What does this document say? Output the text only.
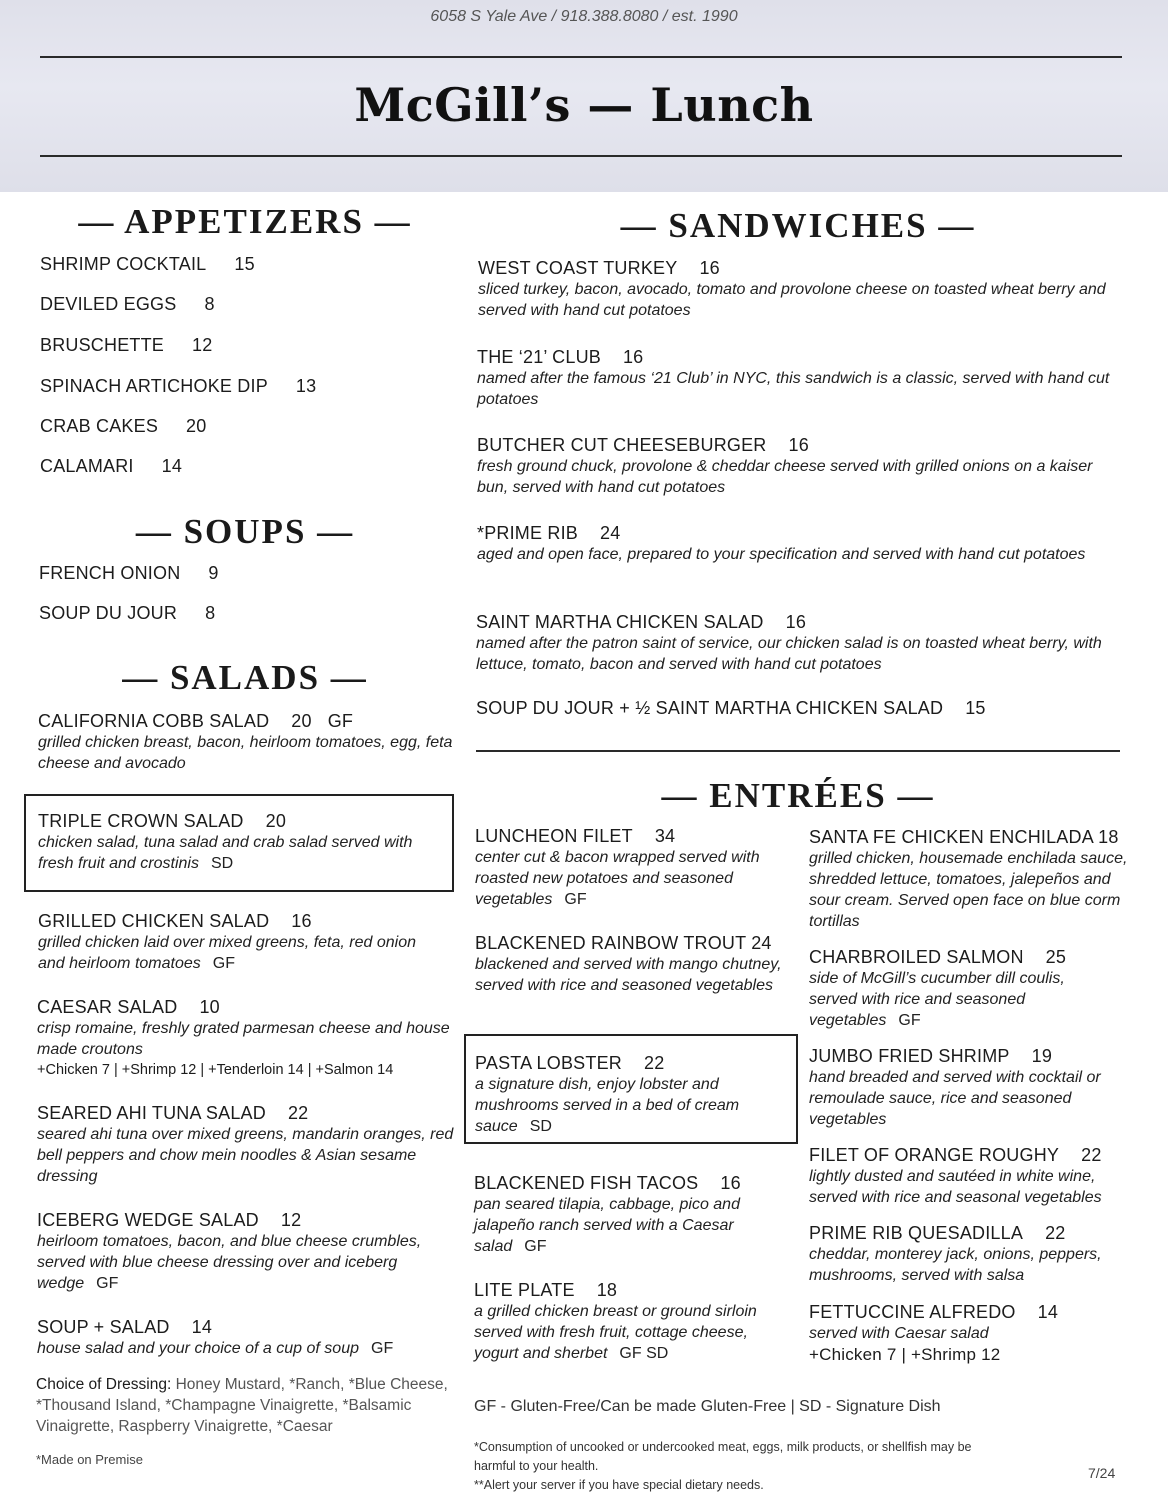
6058 S Yale Ave / 918.388.8080 / est. 1990
McGill’s — Lunch
— APPETIZERS —
SHRIMP COCKTAIL 15
DEVILED EGGS 8
BRUSCHETTE 12
SPINACH ARTICHOKE DIP 13
CRAB CAKES 20
CALAMARI 14
— SOUPS —
FRENCH ONION 9
SOUP DU JOUR 8
— SALADS —
CALIFORNIA COBB SALAD 20 GF
grilled chicken breast, bacon, heirloom tomatoes, egg, feta cheese and avocado
TRIPLE CROWN SALAD 20
chicken salad, tuna salad and crab salad served with fresh fruit and crostinis SD
GRILLED CHICKEN SALAD 16
grilled chicken laid over mixed greens, feta, red onion and heirloom tomatoes GF
CAESAR SALAD 10
crisp romaine, freshly grated parmesan cheese and house made croutons
+Chicken 7 | +Shrimp 12 | +Tenderloin 14 | +Salmon 14
SEARED AHI TUNA SALAD 22
seared ahi tuna over mixed greens, mandarin oranges, red bell peppers and chow mein noodles & Asian sesame dressing
ICEBERG WEDGE SALAD 12
heirloom tomatoes, bacon, and blue cheese crumbles, served with blue cheese dressing over and iceberg wedge GF
SOUP + SALAD 14
house salad and your choice of a cup of soup GF
Choice of Dressing: Honey Mustard, *Ranch, *Blue Cheese, *Thousand Island, *Champagne Vinaigrette, *Balsamic Vinaigrette, Raspberry Vinaigrette, *Caesar
*Made on Premise
— SANDWICHES —
WEST COAST TURKEY 16
sliced turkey, bacon, avocado, tomato and provolone cheese on toasted wheat berry and served with hand cut potatoes
THE ‘21’ CLUB 16
named after the famous ‘21 Club’ in NYC, this sandwich is a classic, served with hand cut potatoes
BUTCHER CUT CHEESEBURGER 16
fresh ground chuck, provolone & cheddar cheese served with grilled onions on a kaiser bun, served with hand cut potatoes
*PRIME RIB 24
aged and open face, prepared to your specification and served with hand cut potatoes
SAINT MARTHA CHICKEN SALAD 16
named after the patron saint of service, our chicken salad is on toasted wheat berry, with lettuce, tomato, bacon and served with hand cut potatoes
SOUP DU JOUR + ½ SAINT MARTHA CHICKEN SALAD 15
— ENTRÉES —
LUNCHEON FILET 34
center cut & bacon wrapped served with roasted new potatoes and seasoned vegetables GF
BLACKENED RAINBOW TROUT 24
blackened and served with mango chutney, served with rice and seasoned vegetables
PASTA LOBSTER 22
a signature dish, enjoy lobster and mushrooms served in a bed of cream sauce SD
BLACKENED FISH TACOS 16
pan seared tilapia, cabbage, pico and jalapeño ranch served with a Caesar salad GF
LITE PLATE 18
a grilled chicken breast or ground sirloin served with fresh fruit, cottage cheese, yogurt and sherbet GF SD
SANTA FE CHICKEN ENCHILADA 18
grilled chicken, housemade enchilada sauce, shredded lettuce, tomatoes, jalepeños and sour cream. Served open face on blue corm tortillas
CHARBROILED SALMON 25
side of McGill’s cucumber dill coulis, served with rice and seasoned vegetables GF
JUMBO FRIED SHRIMP 19
hand breaded and served with cocktail or remoulade sauce, rice and seasoned vegetables
FILET OF ORANGE ROUGHY 22
lightly dusted and sautéed in white wine, served with rice and seasonal vegetables
PRIME RIB QUESADILLA 22
cheddar, monterey jack, onions, peppers, mushrooms, served with salsa
FETTUCCINE ALFREDO 14
served with Caesar salad
+Chicken 7 | +Shrimp 12
GF - Gluten-Free/Can be made Gluten-Free | SD - Signature Dish
*Consumption of uncooked or undercooked meat, eggs, milk products, or shellfish may be harmful to your health.
**Alert your server if you have special dietary needs.
7/24
